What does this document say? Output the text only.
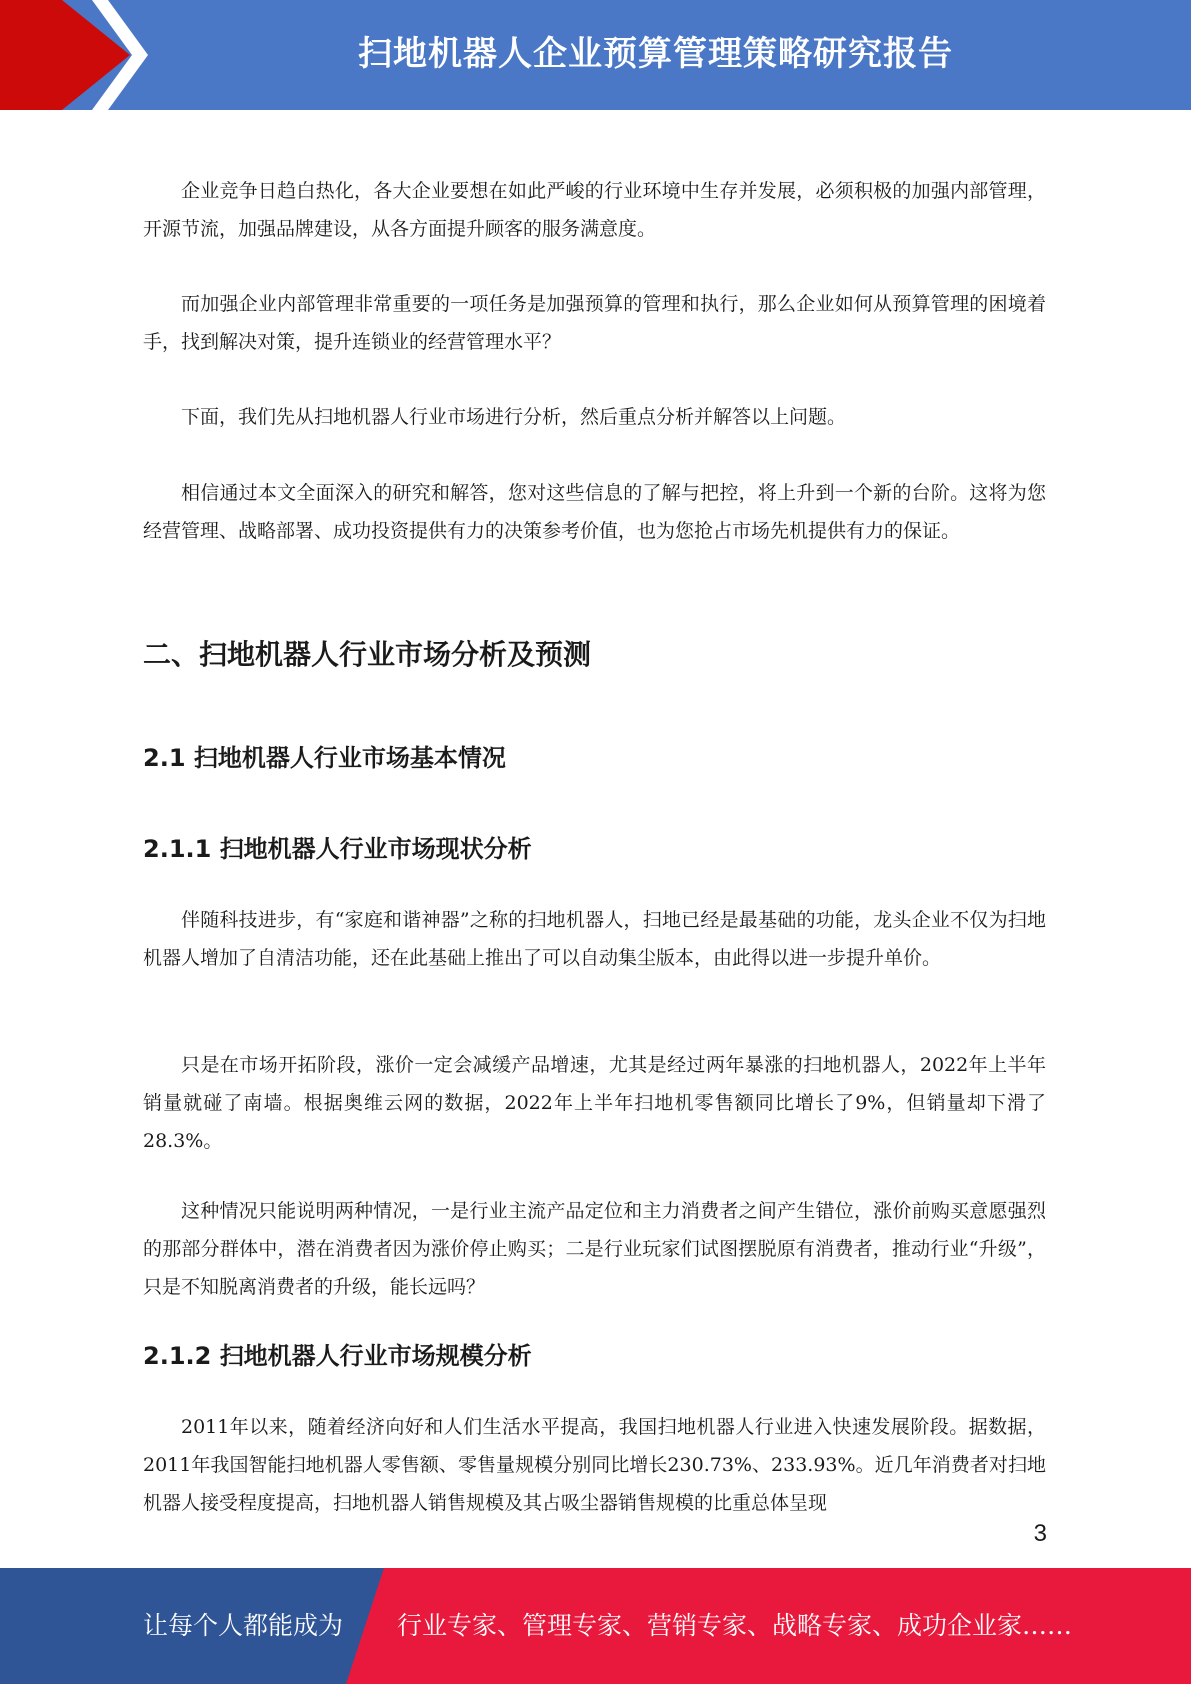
扫地机器人企业预算管理策略研究报告

企业竞争日趋白热化，各大企业要想在如此严峻的行业环境中生存并发展，必须积极的加强内部管理，开源节流，加强品牌建设，从各方面提升顾客的服务满意度。

而加强企业内部管理非常重要的一项任务是加强预算的管理和执行，那么企业如何从预算管理的困境着手，找到解决对策，提升连锁业的经营管理水平？

下面，我们先从扫地机器人行业市场进行分析，然后重点分析并解答以上问题。

相信通过本文全面深入的研究和解答，您对这些信息的了解与把控，将上升到一个新的台阶。这将为您经营管理、战略部署、成功投资提供有力的决策参考价值，也为您抢占市场先机提供有力的保证。

二、扫地机器人行业市场分析及预测
2.1 扫地机器人行业市场基本情况
2.1.1 扫地机器人行业市场现状分析

伴随科技进步，有“家庭和谐神器”之称的扫地机器人，扫地已经是最基础的功能，龙头企业不仅为扫地机器人增加了自清洁功能，还在此基础上推出了可以自动集尘版本，由此得以进一步提升单价。

只是在市场开拓阶段，涨价一定会减缓产品增速，尤其是经过两年暴涨的扫地机器人，2022年上半年销量就碰了南墙。根据奥维云网的数据，2022年上半年扫地机零售额同比增长了9%，但销量却下滑了28.3%。

这种情况只能说明两种情况，一是行业主流产品定位和主力消费者之间产生错位，涨价前购买意愿强烈的那部分群体中，潜在消费者因为涨价停止购买；二是行业玩家们试图摆脱原有消费者，推动行业“升级”，只是不知脱离消费者的升级，能长远吗？

2.1.2 扫地机器人行业市场规模分析

2011年以来，随着经济向好和人们生活水平提高，我国扫地机器人行业进入快速发展阶段。据数据，2011年我国智能扫地机器人零售额、零售量规模分别同比增长230.73%、233.93%。近几年消费者对扫地机器人接受程度提高，扫地机器人销售规模及其占吸尘器销售规模的比重总体呈现

3
让每个人都能成为 行业专家、管理专家、营销专家、战略专家、成功企业家……
